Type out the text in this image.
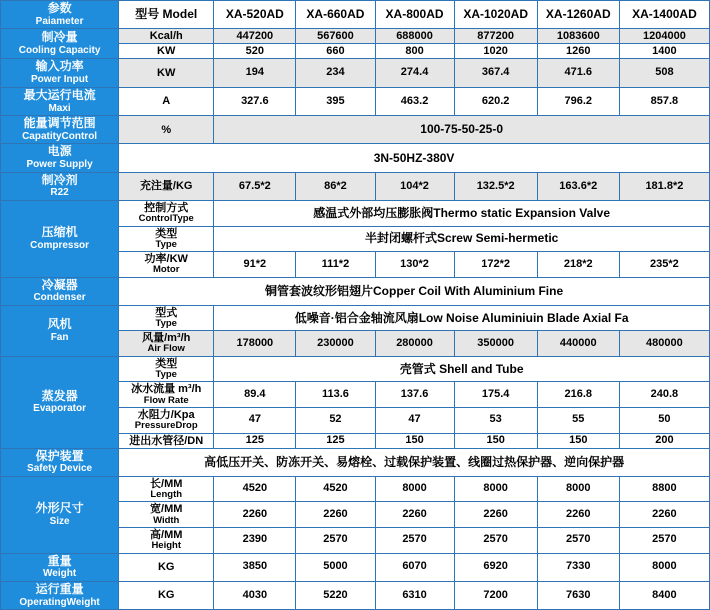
参数
Paiameter	型号 Model	XA-520AD	XA-660AD	XA-800AD	XA-1020AD	XA-1260AD	XA-1400AD

制冷量
Cooling Capacity	Kcal/h	447200	567600	688000	877200	1083600	1204000

	KW	520	660	800	1020	1260	1400

输入功率
Power Input	KW	194	234	274.4	367.4	471.6	508

最大运行电流
Maxi	A	327.6	395	463.2	620.2	796.2	857.8

能量调节范围
CapatityControl	%	100-75-50-25-0					

电源
Power Supply	3N-50HZ-380V						

制冷剂
R22	充注量/KG	67.5*2	86*2	104*2	132.5*2	163.6*2	181.8*2

压缩机
Compressor	控制方式
ControlType	感温式外部均压膨胀阀Thermo static Expansion Valve					

	类型
Type	半封闭螺杆式Screw Semi-hermetic					

	功率/KW
Motor	91*2	111*2	130*2	172*2	218*2	235*2

冷凝器
Condenser	铜管套波纹形铝翅片Copper Coil With Aluminium Fine						

风机
Fan	型式
Type	低噪音·铝合金轴流风扇Low Noise Aluminiuin Blade Axial Fa					

	风量/m³/h
Air Flow	178000	230000	280000	350000	440000	480000

蒸发器
Evaporator	类型
Type	壳管式 Shell and Tube					

	冰水流量 m³/h
Flow Rate	89.4	113.6	137.6	175.4	216.8	240.8

	水阻力/Kpa
PressureDrop	47	52	47	53	55	50

	进出水管径/DN	125	125	150	150	150	200

保护装置
Safety Device	高低压开关、防冻开关、易熔栓、过载保护装置、线圈过热保护器、逆向保护器						

外形尺寸
Size	长/MM
Length	4520	4520	8000	8000	8000	8800

	宽/MM
Width	2260	2260	2260	2260	2260	2260

	高/MM
Height	2390	2570	2570	2570	2570	2570

重量
Weight	KG	3850	5000	6070	6920	7330	8000

运行重量
OperatingWeight	KG	4030	5220	6310	7200	7630	8400
